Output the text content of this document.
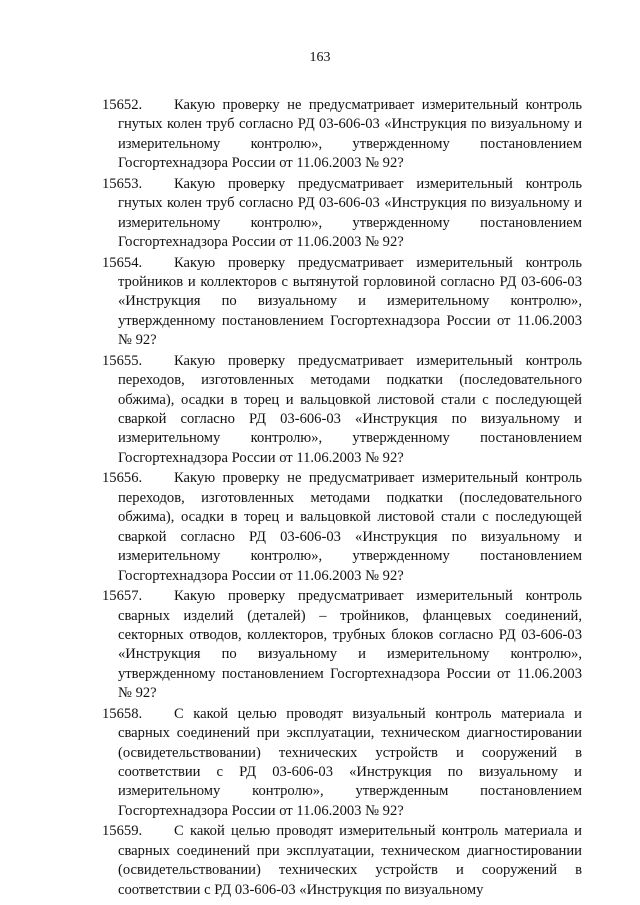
163

15652. Какую проверку не предусматривает измерительный контроль гнутых колен труб согласно РД 03-606-03 «Инструкция по визуальному и измерительному контролю», утвержденному постановлением Госгортехнадзора России от 11.06.2003 № 92?

15653. Какую проверку предусматривает измерительный контроль гнутых колен труб согласно РД 03-606-03 «Инструкция по визуальному и измерительному контролю», утвержденному постановлением Госгортехнадзора России от 11.06.2003 № 92?

15654. Какую проверку предусматривает измерительный контроль тройников и коллекторов с вытянутой горловиной согласно РД 03-606-03 «Инструкция по визуальному и измерительному контролю», утвержденному постановлением Госгортехнадзора России от 11.06.2003 № 92?

15655. Какую проверку предусматривает измерительный контроль переходов, изготовленных методами подкатки (последовательного обжима), осадки в торец и вальцовкой листовой стали с последующей сваркой согласно РД 03-606-03 «Инструкция по визуальному и измерительному контролю», утвержденному постановлением Госгортехнадзора России от 11.06.2003 № 92?

15656. Какую проверку не предусматривает измерительный контроль переходов, изготовленных методами подкатки (последовательного обжима), осадки в торец и вальцовкой листовой стали с последующей сваркой согласно РД 03-606-03 «Инструкция по визуальному и измерительному контролю», утвержденному постановлением Госгортехнадзора России от 11.06.2003 № 92?

15657. Какую проверку предусматривает измерительный контроль сварных изделий (деталей) – тройников, фланцевых соединений, секторных отводов, коллекторов, трубных блоков согласно РД 03-606-03 «Инструкция по визуальному и измерительному контролю», утвержденному постановлением Госгортехнадзора России от 11.06.2003 № 92?

15658. С какой целью проводят визуальный контроль материала и сварных соединений при эксплуатации, техническом диагностировании (освидетельствовании) технических устройств и сооружений в соответствии с РД 03-606-03 «Инструкция по визуальному и измерительному контролю», утвержденным постановлением Госгортехнадзора России от 11.06.2003 № 92?

15659. С какой целью проводят измерительный контроль материала и сварных соединений при эксплуатации, техническом диагностировании (освидетельствовании) технических устройств и сооружений в соответствии с РД 03-606-03 «Инструкция по визуальному
